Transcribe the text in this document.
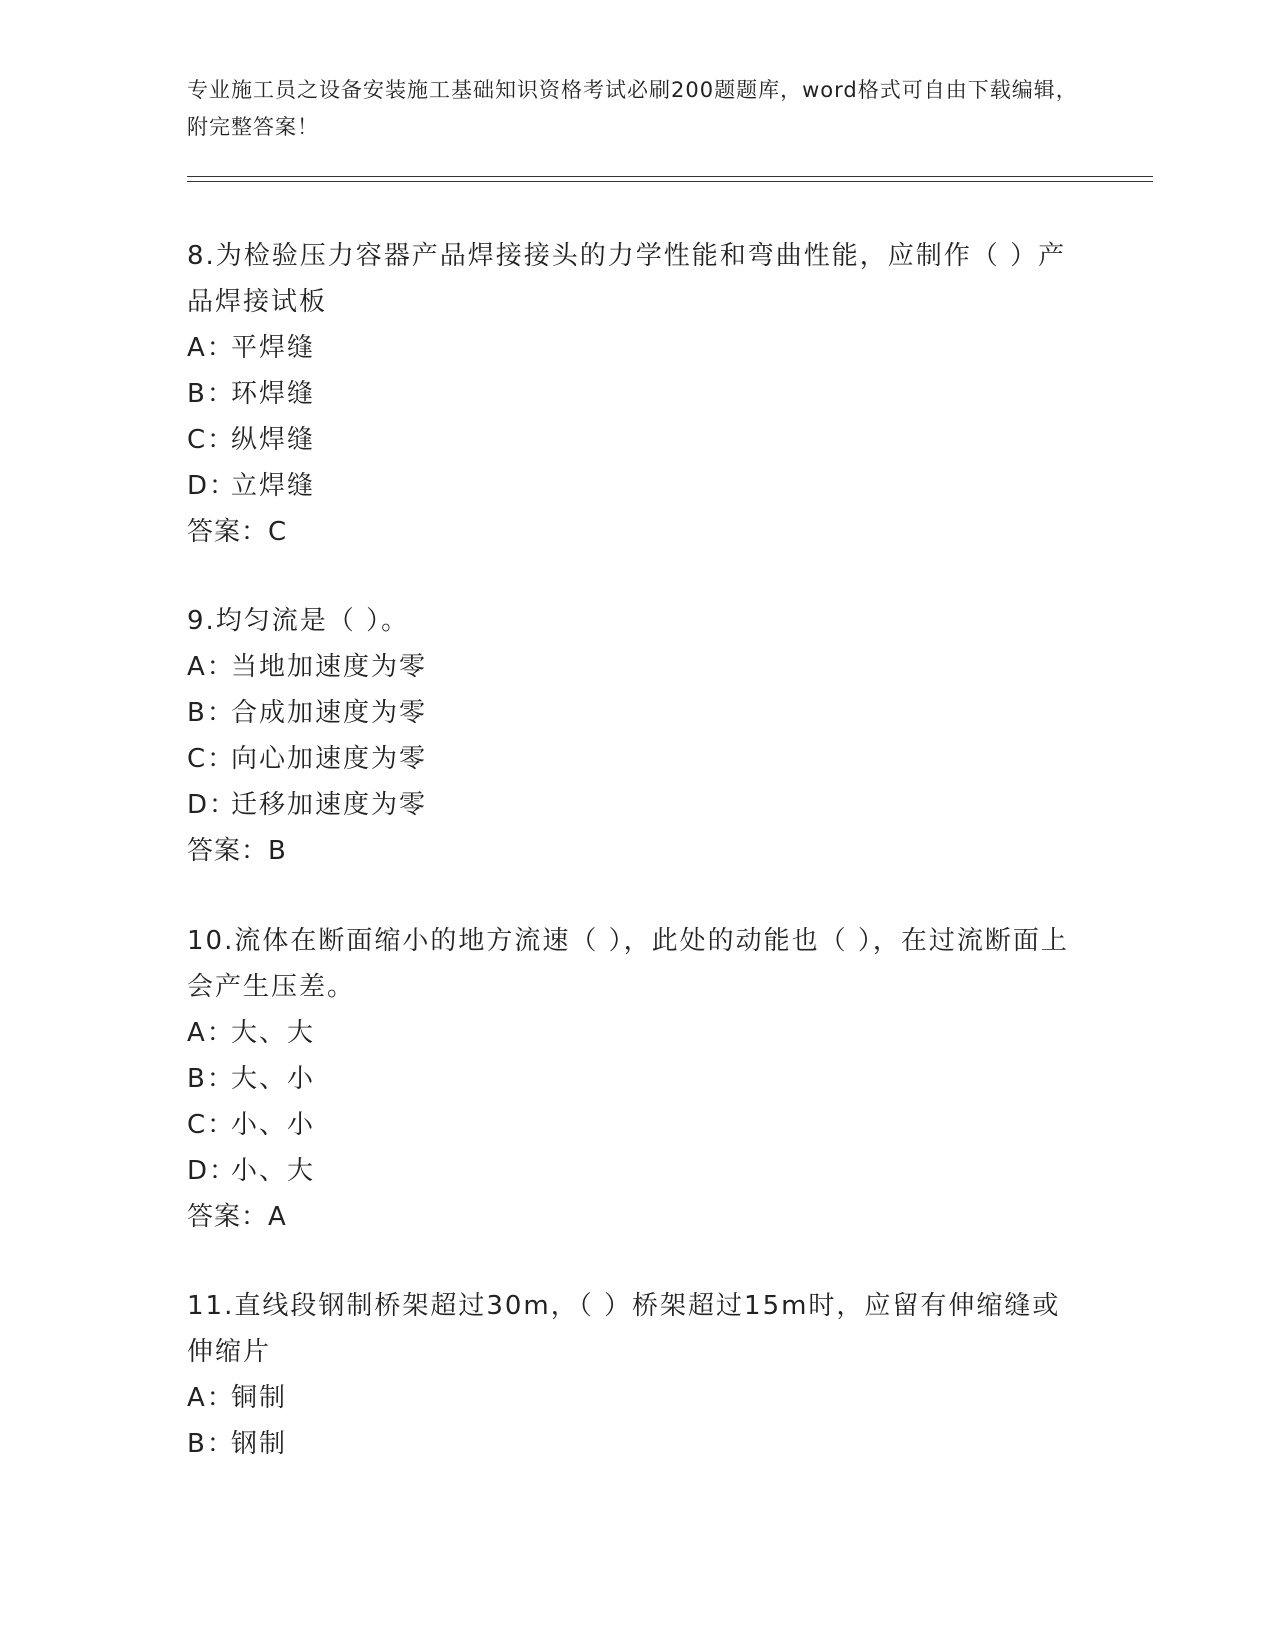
专业施工员之设备安装施工基础知识资格考试必刷200题题库，word格式可自由下载编辑，附完整答案！
8.为检验压力容器产品焊接接头的力学性能和弯曲性能，应制作（ ）产品焊接试板
A：平焊缝
B：环焊缝
C：纵焊缝
D：立焊缝
答案：C
9.均匀流是（ ）。
A：当地加速度为零
B：合成加速度为零
C：向心加速度为零
D：迁移加速度为零
答案：B
10.流体在断面缩小的地方流速（ ），此处的动能也（ ），在过流断面上会产生压差。
A：大、大
B：大、小
C：小、小
D：小、大
答案：A
11.直线段钢制桥架超过30m，（ ）桥架超过15m时，应留有伸缩缝或伸缩片
A：铜制
B：钢制
